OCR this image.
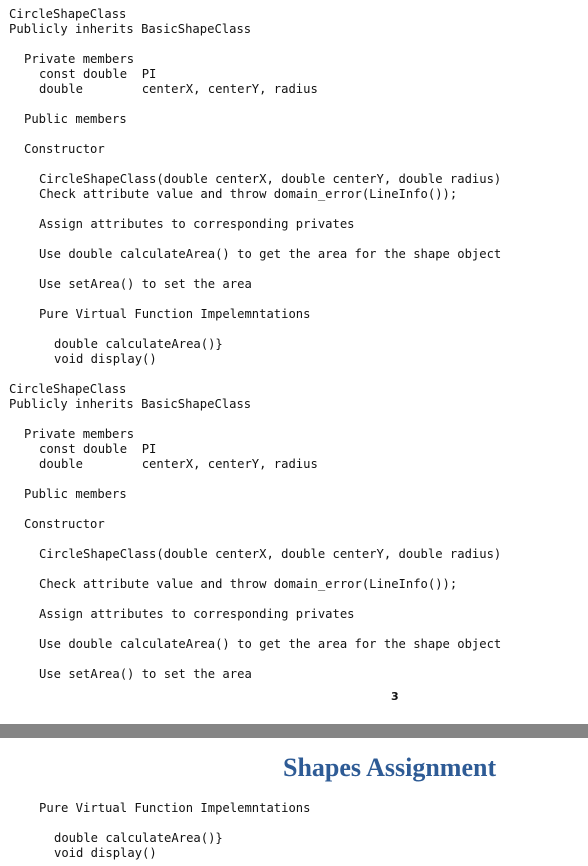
CircleShapeClass
Publicly inherits BasicShapeClass
Private members
const double  PI
double        centerX, centerY, radius
Public members
Constructor
CircleShapeClass(double centerX, double centerY, double radius)
Check attribute value and throw domain_error(LineInfo());
Assign attributes to corresponding privates
Use double calculateArea() to get the area for the shape object
Use setArea() to set the area
Pure Virtual Function Impelemntations
double calculateArea()}
void display()
CircleShapeClass
Publicly inherits BasicShapeClass
Private members
const double  PI
double        centerX, centerY, radius
Public members
Constructor
CircleShapeClass(double centerX, double centerY, double radius)
Check attribute value and throw domain_error(LineInfo());
Assign attributes to corresponding privates
Use double calculateArea() to get the area for the shape object
Use setArea() to set the area
3
Shapes Assignment
Pure Virtual Function Impelemntations
double calculateArea()}
void display()
